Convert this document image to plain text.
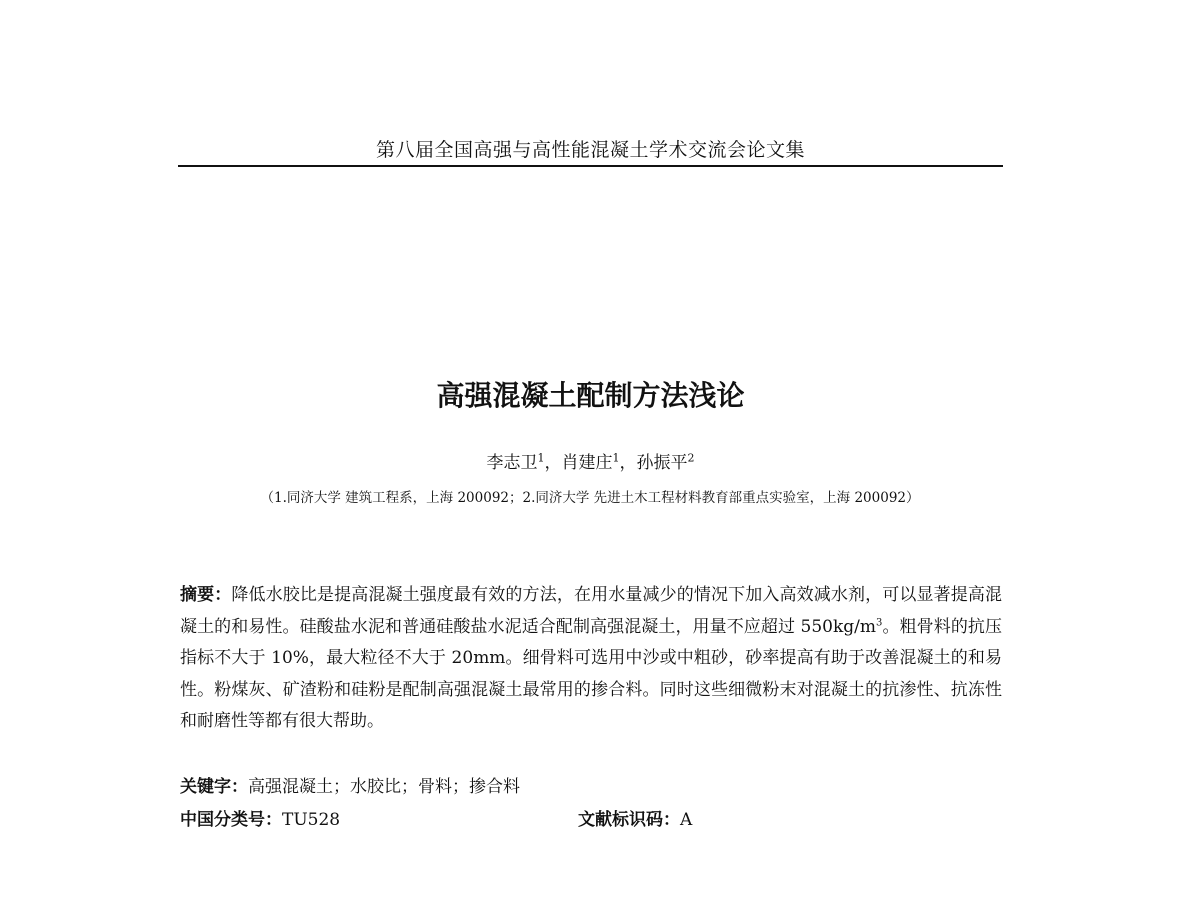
第八届全国高强与高性能混凝土学术交流会论文集
高强混凝土配制方法浅论
李志卫$^1$，肖建庄$^1$，孙振平$^2$
（1.同济大学 建筑工程系，上海 200092；2.同济大学 先进土木工程材料教育部重点实验室，上海 200092）
摘要：降低水胶比是提高混凝土强度最有效的方法，在用水量减少的情况下加入高效减水剂，可以显著提高混凝土的和易性。硅酸盐水泥和普通硅酸盐水泥适合配制高强混凝土，用量不应超过 $550kg/m^3$。粗骨料的抗压指标不大于 10%，最大粒径不大于 20mm。细骨料可选用中沙或中粗砂，砂率提高有助于改善混凝土的和易性。粉煤灰、矿渣粉和硅粉是配制高强混凝土最常用的掺合料。同时这些细微粉末对混凝土的抗渗性、抗冻性和耐磨性等都有很大帮助。
关键字：高强混凝土；水胶比；骨料；掺合料
中国分类号：TU528	文献标识码：A
